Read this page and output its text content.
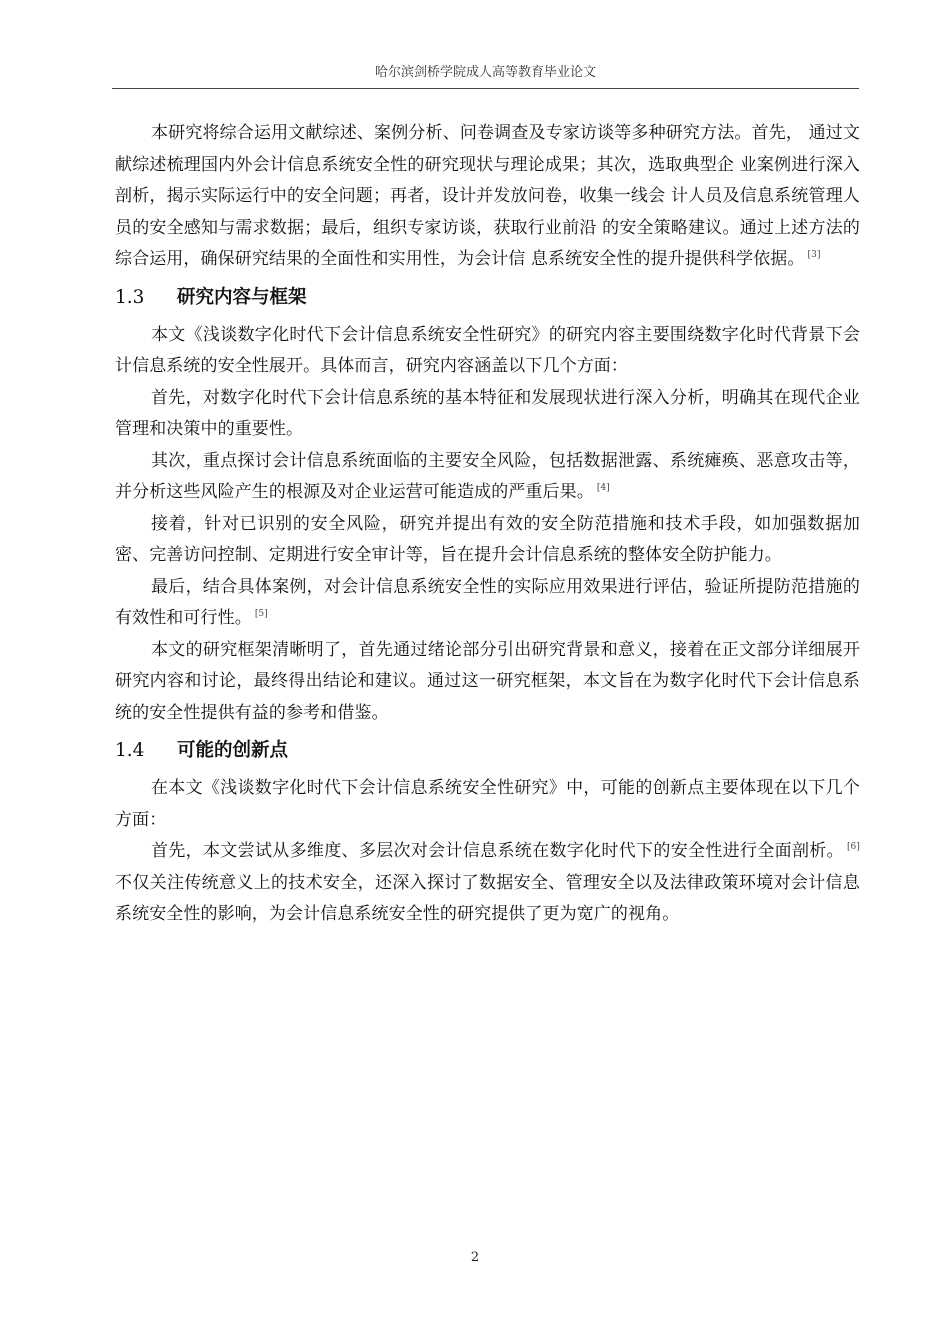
哈尔滨剑桥学院成人高等教育毕业论文

本研究将综合运用文献综述、案例分析、问卷调查及专家访谈等多种研究方法。首先， 通过文献综述梳理国内外会计信息系统安全性的研究现状与理论成果；其次，选取典型企 业案例进行深入剖析，揭示实际运行中的安全问题；再者，设计并发放问卷，收集一线会 计人员及信息系统管理人员的安全感知与需求数据；最后，组织专家访谈，获取行业前沿 的安全策略建议。通过上述方法的综合运用，确保研究结果的全面性和实用性，为会计信 息系统安全性的提升提供科学依据。 [3]

1.3 研究内容与框架

本文《浅谈数字化时代下会计信息系统安全性研究》的研究内容主要围绕数字化时代背景下会计信息系统的安全性展开。具体而言，研究内容涵盖以下几个方面：

首先，对数字化时代下会计信息系统的基本特征和发展现状进行深入分析，明确其在现代企业管理和决策中的重要性。

其次，重点探讨会计信息系统面临的主要安全风险，包括数据泄露、系统瘫痪、恶意攻击等，并分析这些风险产生的根源及对企业运营可能造成的严重后果。 [4]

接着，针对已识别的安全风险，研究并提出有效的安全防范措施和技术手段，如加强数据加密、完善访问控制、定期进行安全审计等，旨在提升会计信息系统的整体安全防护能力。

最后，结合具体案例，对会计信息系统安全性的实际应用效果进行评估，验证所提防范措施的有效性和可行性。 [5]

本文的研究框架清晰明了，首先通过绪论部分引出研究背景和意义，接着在正文部分详细展开研究内容和讨论，最终得出结论和建议。通过这一研究框架，本文旨在为数字化时代下会计信息系统的安全性提供有益的参考和借鉴。

1.4 可能的创新点

在本文《浅谈数字化时代下会计信息系统安全性研究》中，可能的创新点主要体现在以下几个方面：

首先，本文尝试从多维度、多层次对会计信息系统在数字化时代下的安全性进行全面剖析。 [6]不仅关注传统意义上的技术安全，还深入探讨了数据安全、管理安全以及法律政策环境对会计信息系统安全性的影响，为会计信息系统安全性的研究提供了更为宽广的视角。

2
